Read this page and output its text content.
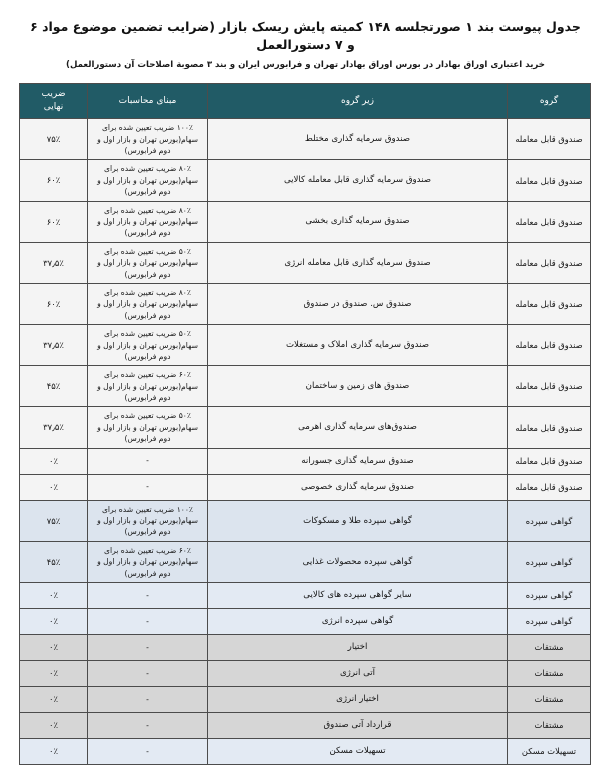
جدول پیوست بند ۱ صورتجلسه ۱۴۸ کمیته پایش ریسک بازار (ضرایب تضمین موضوع مواد ۶ و ۷ دستورالعمل
خرید اعتباری اوراق بهادار در بورس اوراق بهادار تهران و فرابورس ایران و بند ۳ مصوبة اصلاحات آن دستورالعمل)
گروه	زیر گروه	مبنای محاسبات	ضریب
نهایی
صندوق قابل معامله	صندوق سرمایه گذاری مختلط	۱۰۰٪ ضریب تعیین شده برای سهام(بورس تهران و بازار اول و دوم فرابورس)	۷۵٪
صندوق قابل معامله	صندوق سرمایه گذاری قابل معامله کالایی	۸۰٪ ضریب تعیین شده برای سهام(بورس تهران و بازار اول و دوم فرابورس)	۶۰٪
صندوق قابل معامله	صندوق سرمایه گذاری بخشی	۸۰٪ ضریب تعیین شده برای سهام(بورس تهران و بازار اول و دوم فرابورس)	۶۰٪
صندوق قابل معامله	صندوق سرمایه گذاری قابل معامله انرژی	۵۰٪ ضریب تعیین شده برای سهام(بورس تهران و بازار اول و دوم فرابورس)	۳۷٫۵٪
صندوق قابل معامله	صندوق س. صندوق در صندوق	۸۰٪ ضریب تعیین شده برای سهام(بورس تهران و بازار اول و دوم فرابورس)	۶۰٪
صندوق قابل معامله	صندوق سرمایه گذاری املاک و مستغلات	۵۰٪ ضریب تعیین شده برای سهام(بورس تهران و بازار اول و دوم فرابورس)	۳۷٫۵٪
صندوق قابل معامله	صندوق های زمین و ساختمان	۶۰٪ ضریب تعیین شده برای سهام(بورس تهران و بازار اول و دوم فرابورس)	۴۵٪
صندوق قابل معامله	صندوق‌های سرمایه گذاری اهرمی	۵۰٪ ضریب تعیین شده برای سهام(بورس تهران و بازار اول و دوم فرابورس)	۳۷٫۵٪
صندوق قابل معامله	صندوق سرمایه گذاری جسورانه	-	۰٪
صندوق قابل معامله	صندوق سرمایه گذاری خصوصی	-	۰٪
گواهی سپرده	گواهی سپرده طلا و مسکوکات	۱۰۰٪ ضریب تعیین شده برای سهام(بورس تهران و بازار اول و دوم فرابورس)	۷۵٪
گواهی سپرده	گواهی سپرده محصولات غذایی	۶۰٪ ضریب تعیین شده برای سهام(بورس تهران و بازار اول و دوم فرابورس)	۴۵٪
گواهی سپرده	سایر گواهی سپرده های کالایی	-	۰٪
گواهی سپرده	گواهی سپرده انرژی	-	۰٪
مشتقات	اختیار	-	۰٪
مشتقات	آتی انرژی	-	۰٪
مشتقات	اختیار انرژی	-	۰٪
مشتقات	قرارداد آتی صندوق	-	۰٪
تسهیلات مسکن	تسهیلات مسکن	-	۰٪
